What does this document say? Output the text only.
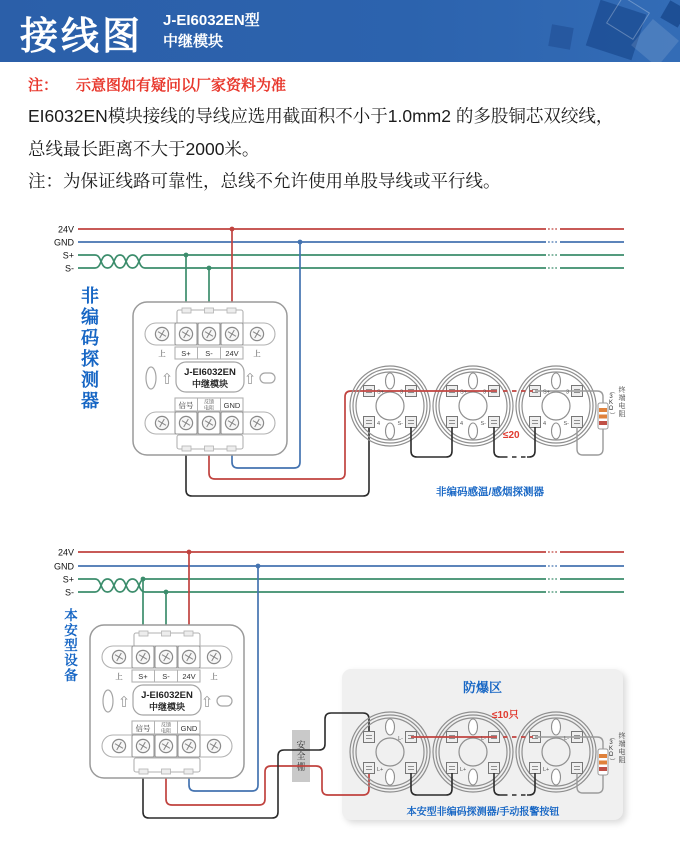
接线图 J-EI6032EN型
中继模块
注： 示意图如有疑问以厂家资料为准
EI6032EN模块接线的导线应选用截面积不小于1.0mm2 的多股铜芯双绞线，
总线最长距离不大于2000米。
注：为保证线路可靠性，总线不允许使用单股导线或平行线。
安全栅
24V
GND
S+
S-
S+	3
4	S-
S+	3
4	S-
S+	3
4	S-
上 S+ S- 24V 上
J-EI6032EN
中继模块
⇧	⇧
信号 反馈
电阻 GND
24V
GND
S+
S-
L-
L+
L-
L+
L-
L+
上 S+ S- 24V 上
J-EI6032EN
中继模块
⇧	⇧
信号 反馈
电阻 GND
非编码探测器
本安型设备
非编码感温/感烟探测器
≤20
防爆区
≤10只
本安型非编码探测器/手动报警按钮
终端电阻
（3KΩ）
终端电阻
（3KΩ）
